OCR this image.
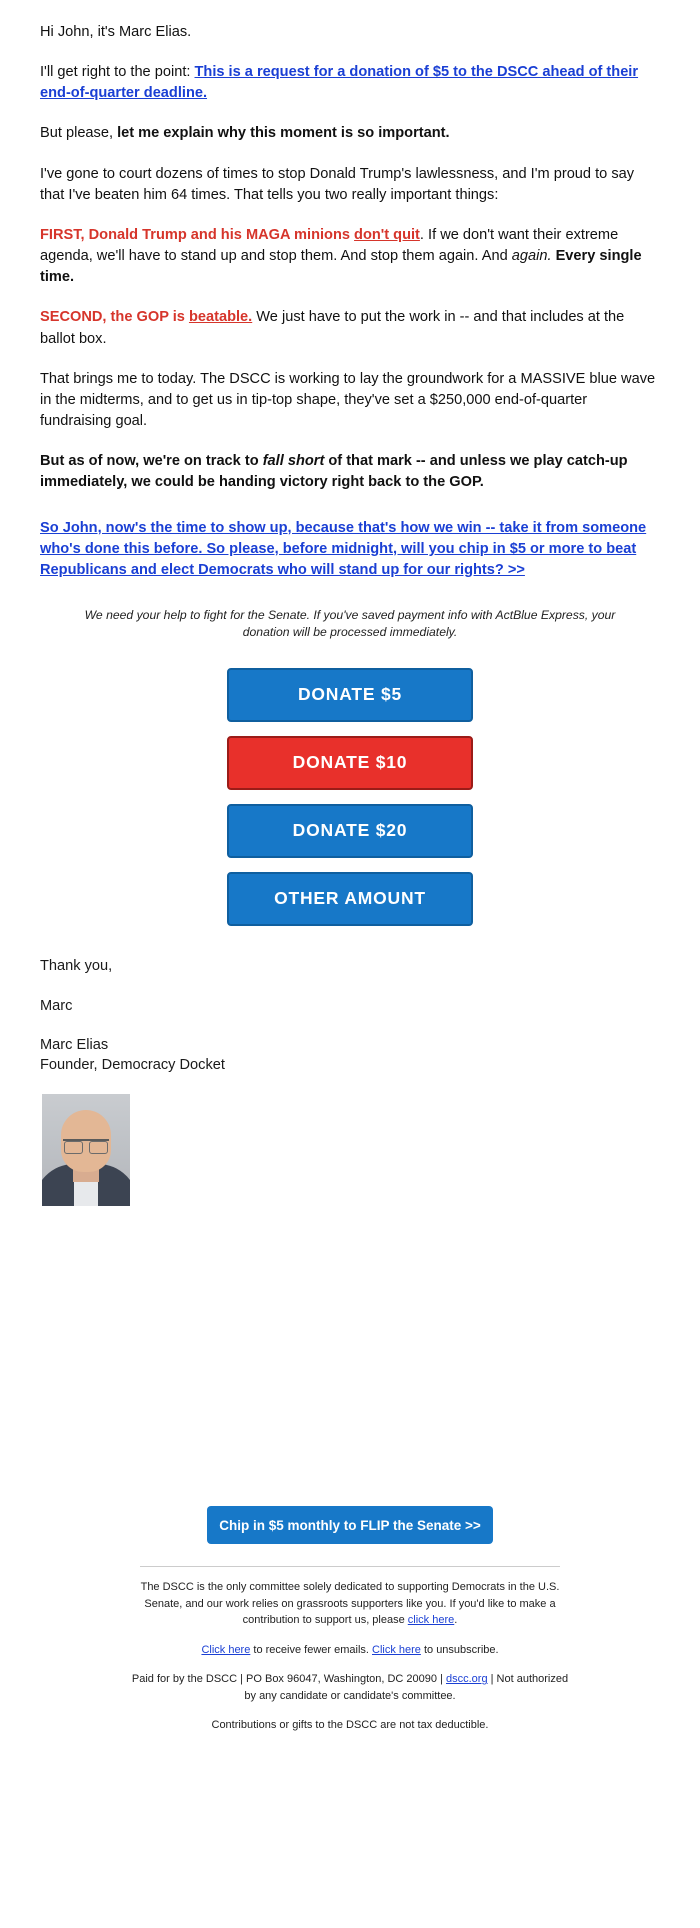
Hi John, it's Marc Elias.

I'll get right to the point: This is a request for a donation of $5 to the DSCC ahead of their end-of-quarter deadline.

But please, let me explain why this moment is so important.

I've gone to court dozens of times to stop Donald Trump's lawlessness, and I'm proud to say that I've beaten him 64 times. That tells you two really important things:

FIRST, Donald Trump and his MAGA minions don't quit. If we don't want their extreme agenda, we'll have to stand up and stop them. And stop them again. And again. Every single time.

SECOND, the GOP is beatable. We just have to put the work in -- and that includes at the ballot box.

That brings me to today. The DSCC is working to lay the groundwork for a MASSIVE blue wave in the midterms, and to get us in tip-top shape, they've set a $250,000 end-of-quarter fundraising goal.

But as of now, we're on track to fall short of that mark -- and unless we play catch-up immediately, we could be handing victory right back to the GOP.

So John, now's the time to show up, because that's how we win -- take it from someone who's done this before. So please, before midnight, will you chip in $5 or more to beat Republicans and elect Democrats who will stand up for our rights? >>

We need your help to fight for the Senate. If you've saved payment info with ActBlue Express, your donation will be processed immediately.
DONATE $5
DONATE $10
DONATE $20
OTHER AMOUNT

Thank you,

Marc

Marc Elias
Founder, Democracy Docket

Chip in $5 monthly to FLIP the Senate >>
The DSCC is the only committee solely dedicated to supporting Democrats in the U.S. Senate, and our work relies on grassroots supporters like you. If you'd like to make a contribution to support us, please click here.
Click here to receive fewer emails. Click here to unsubscribe.
Paid for by the DSCC | PO Box 96047, Washington, DC 20090 | dscc.org | Not authorized by any candidate or candidate's committee.
Contributions or gifts to the DSCC are not tax deductible.
